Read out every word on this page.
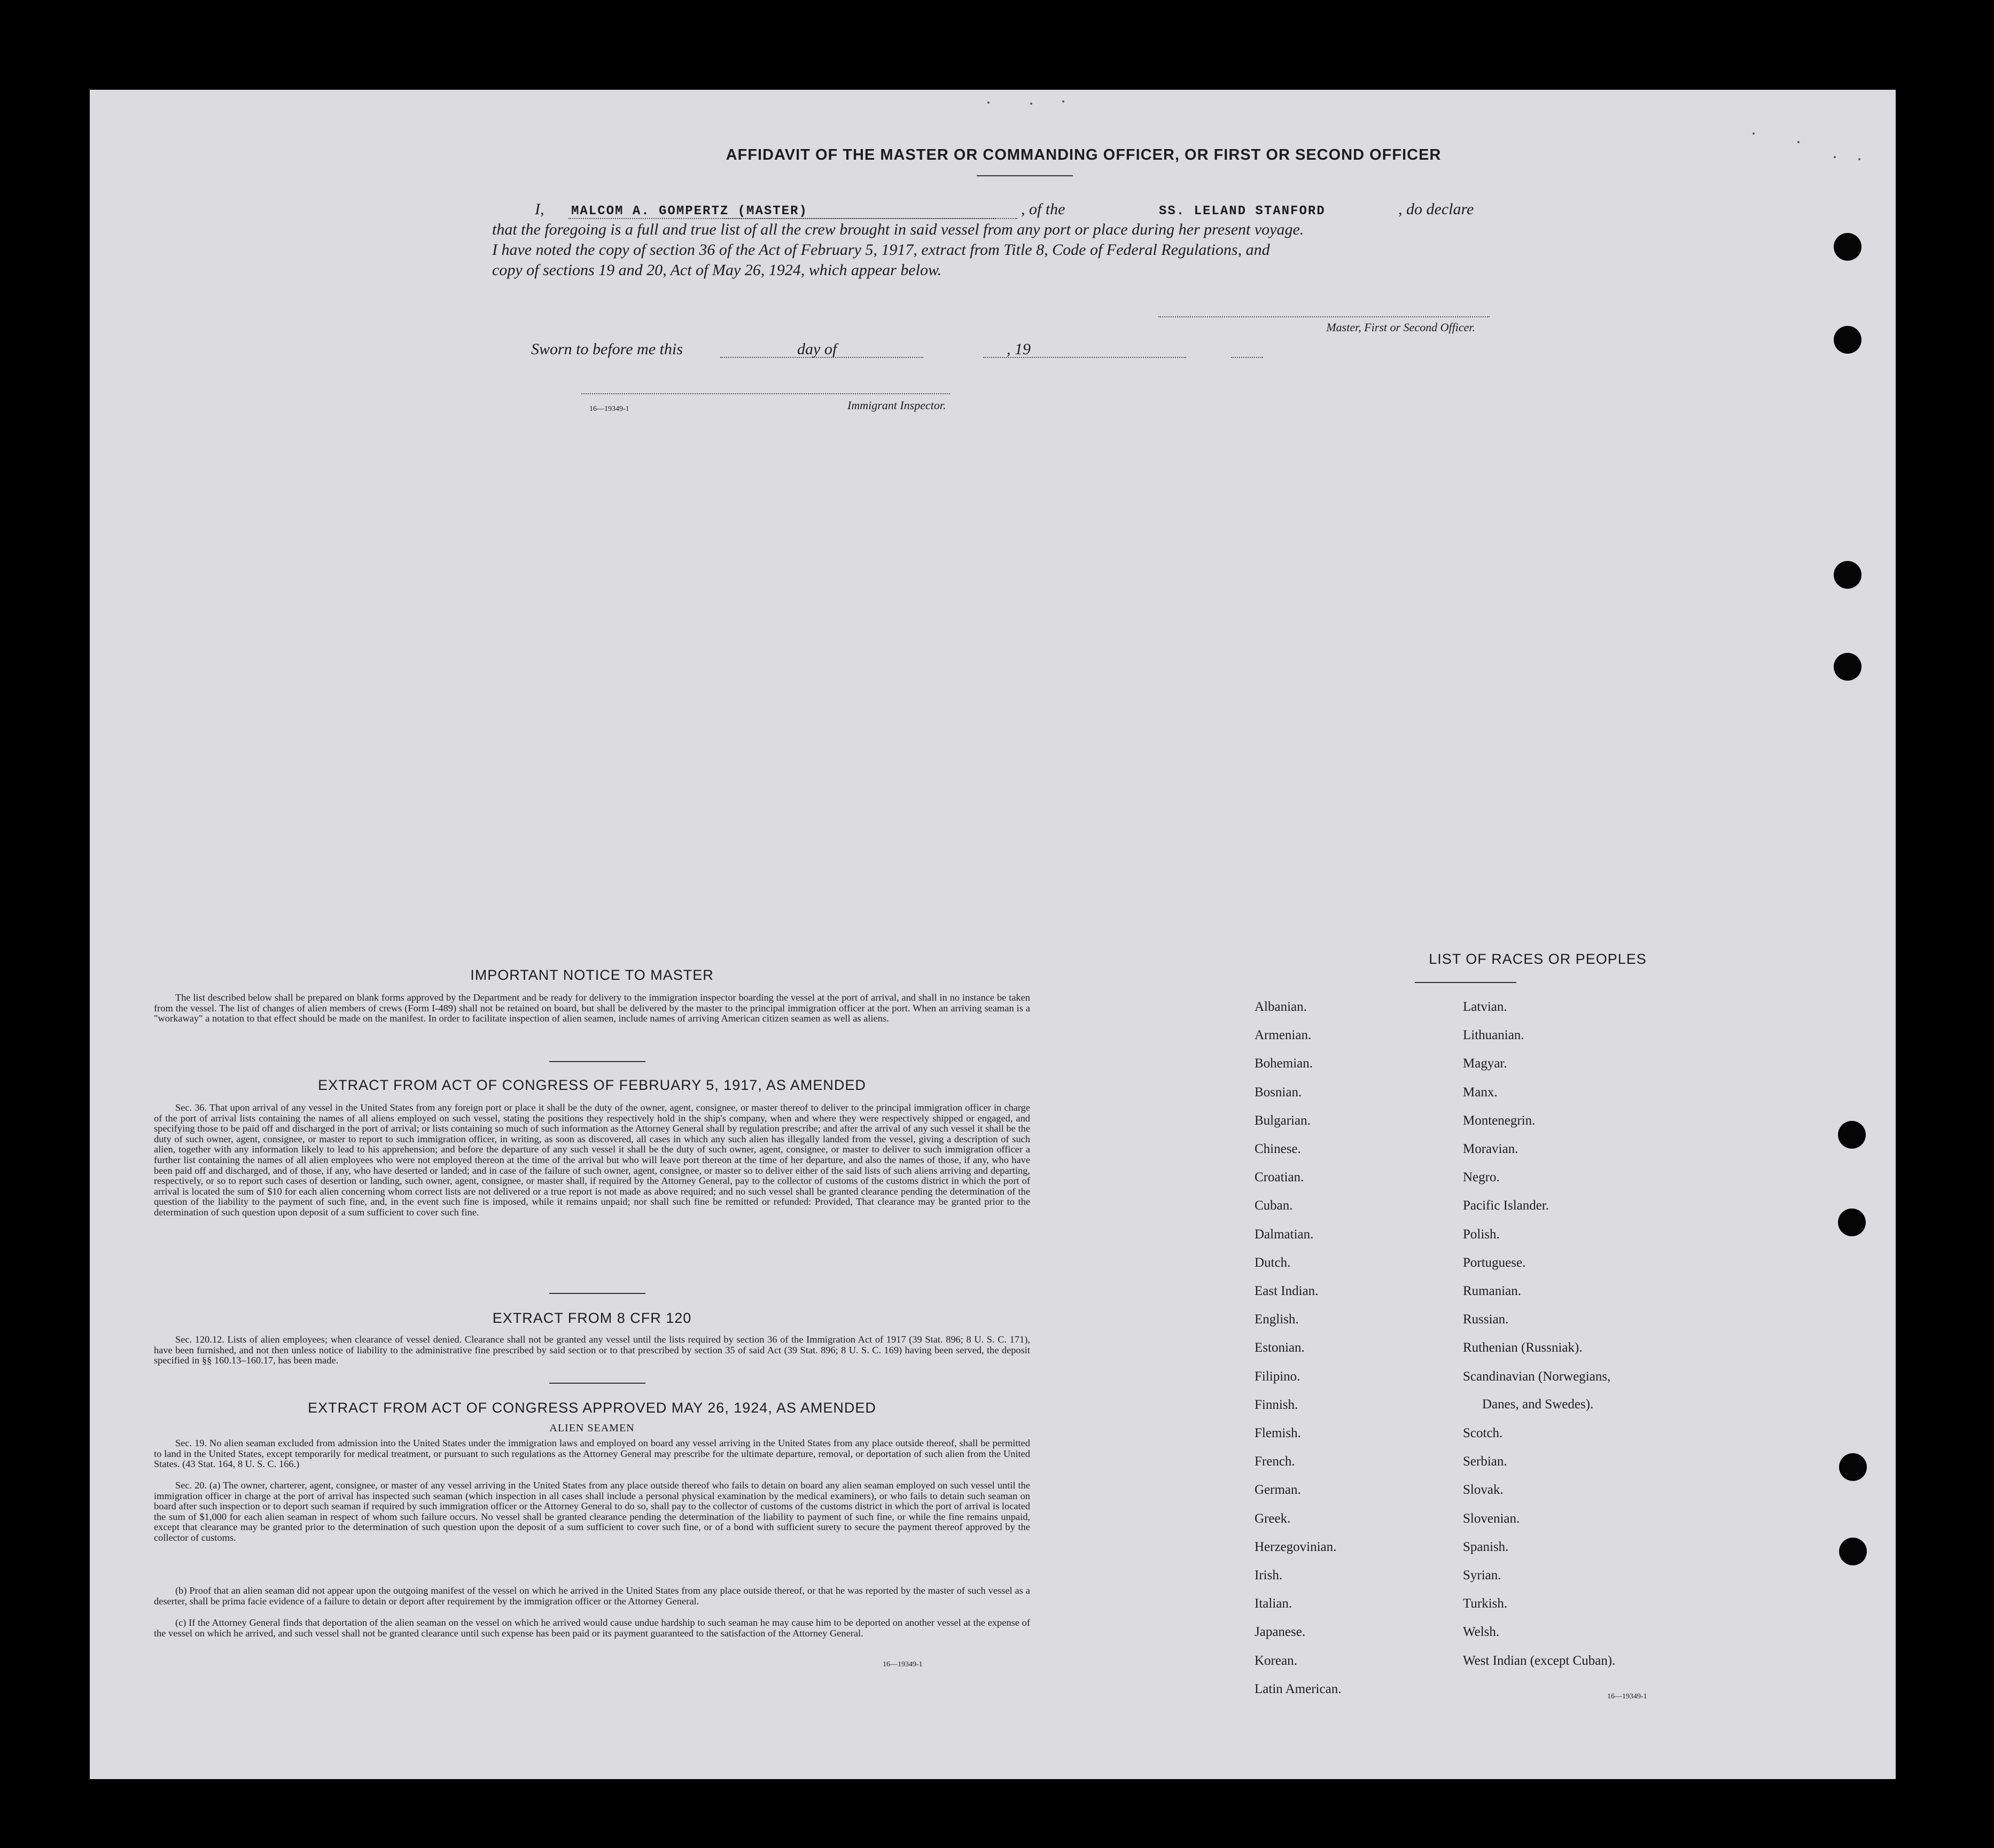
AFFIDAVIT OF THE MASTER OR COMMANDING OFFICER, OR FIRST OR SECOND OFFICER
I, MALCOM A. GOMPERTZ (MASTER)	, of the	SS. LELAND STANFORD	, do declare
that the foregoing is a full and true list of all the crew brought in said vessel from any port or place during her present voyage.
I have noted the copy of section 36 of the Act of February 5, 1917, extract from Title 8, Code of Federal Regulations, and
copy of sections 19 and 20, Act of May 26, 1924, which appear below.
Master, First or Second Officer.
Sworn to before me this	day of	, 19
16—19349-1	Immigrant Inspector.
IMPORTANT NOTICE TO MASTER
The list described below shall be prepared on blank forms approved by the Department and be ready for delivery to the immigration inspector boarding the vessel at the port of arrival, and shall in no instance be taken from the vessel. The list of changes of alien members of crews (Form I-489) shall not be retained on board, but shall be delivered by the master to the principal immigration officer at the port. When an arriving seaman is a "workaway" a notation to that effect should be made on the manifest. In order to facilitate inspection of alien seamen, include names of arriving American citizen seamen as well as aliens.
EXTRACT FROM ACT OF CONGRESS OF FEBRUARY 5, 1917, AS AMENDED
Sec. 36. That upon arrival of any vessel in the United States from any foreign port or place it shall be the duty of the owner, agent, consignee, or master thereof to deliver to the principal immigration officer in charge of the port of arrival lists containing the names of all aliens employed on such vessel, stating the positions they respectively hold in the ship's company, when and where they were respectively shipped or engaged, and specifying those to be paid off and discharged in the port of arrival; or lists containing so much of such information as the Attorney General shall by regulation prescribe; and after the arrival of any such vessel it shall be the duty of such owner, agent, consignee, or master to report to such immigration officer, in writing, as soon as discovered, all cases in which any such alien has illegally landed from the vessel, giving a description of such alien, together with any information likely to lead to his apprehension; and before the departure of any such vessel it shall be the duty of such owner, agent, consignee, or master to deliver to such immigration officer a further list containing the names of all alien employees who were not employed thereon at the time of the arrival but who will leave port thereon at the time of her departure, and also the names of those, if any, who have been paid off and discharged, and of those, if any, who have deserted or landed; and in case of the failure of such owner, agent, consignee, or master so to deliver either of the said lists of such aliens arriving and departing, respectively, or so to report such cases of desertion or landing, such owner, agent, consignee, or master shall, if required by the Attorney General, pay to the collector of customs of the customs district in which the port of arrival is located the sum of $10 for each alien concerning whom correct lists are not delivered or a true report is not made as above required; and no such vessel shall be granted clearance pending the determination of the question of the liability to the payment of such fine, and, in the event such fine is imposed, while it remains unpaid; nor shall such fine be remitted or refunded: Provided, That clearance may be granted prior to the determination of such question upon deposit of a sum sufficient to cover such fine.
EXTRACT FROM 8 CFR 120
Sec. 120.12. Lists of alien employees; when clearance of vessel denied. Clearance shall not be granted any vessel until the lists required by section 36 of the Immigration Act of 1917 (39 Stat. 896; 8 U. S. C. 171), have been furnished, and not then unless notice of liability to the administrative fine prescribed by said section or to that prescribed by section 35 of said Act (39 Stat. 896; 8 U. S. C. 169) having been served, the deposit specified in §§ 160.13–160.17, has been made.
EXTRACT FROM ACT OF CONGRESS APPROVED MAY 26, 1924, AS AMENDED
ALIEN SEAMEN
Sec. 19. No alien seaman excluded from admission into the United States under the immigration laws and employed on board any vessel arriving in the United States from any place outside thereof, shall be permitted to land in the United States, except temporarily for medical treatment, or pursuant to such regulations as the Attorney General may prescribe for the ultimate departure, removal, or deportation of such alien from the United States. (43 Stat. 164, 8 U. S. C. 166.)
Sec. 20. (a) The owner, charterer, agent, consignee, or master of any vessel arriving in the United States from any place outside thereof who fails to detain on board any alien seaman employed on such vessel until the immigration officer in charge at the port of arrival has inspected such seaman (which inspection in all cases shall include a personal physical examination by the medical examiners), or who fails to detain such seaman on board after such inspection or to deport such seaman if required by such immigration officer or the Attorney General to do so, shall pay to the collector of customs of the customs district in which the port of arrival is located the sum of $1,000 for each alien seaman in respect of whom such failure occurs. No vessel shall be granted clearance pending the determination of the liability to payment of such fine, or while the fine remains unpaid, except that clearance may be granted prior to the determination of such question upon the deposit of a sum sufficient to cover such fine, or of a bond with sufficient surety to secure the payment thereof approved by the collector of customs.
(b) Proof that an alien seaman did not appear upon the outgoing manifest of the vessel on which he arrived in the United States from any place outside thereof, or that he was reported by the master of such vessel as a deserter, shall be prima facie evidence of a failure to detain or deport after requirement by the immigration officer or the Attorney General.
(c) If the Attorney General finds that deportation of the alien seaman on the vessel on which he arrived would cause undue hardship to such seaman he may cause him to be deported on another vessel at the expense of the vessel on which he arrived, and such vessel shall not be granted clearance until such expense has been paid or its payment guaranteed to the satisfaction of the Attorney General.
16—19349-1
LIST OF RACES OR PEOPLES
Albanian.
Armenian.
Bohemian.
Bosnian.
Bulgarian.
Chinese.
Croatian.
Cuban.
Dalmatian.
Dutch.
East Indian.
English.
Estonian.
Filipino.
Finnish.
Flemish.
French.
German.
Greek.
Herzegovinian.
Irish.
Italian.
Japanese.
Korean.
Latin American.
Latvian.
Lithuanian.
Magyar.
Manx.
Montenegrin.
Moravian.
Negro.
Pacific Islander.
Polish.
Portuguese.
Rumanian.
Russian.
Ruthenian (Russniak).
Scandinavian (Norwegians,
Danes, and Swedes).
Scotch.
Serbian.
Slovak.
Slovenian.
Spanish.
Syrian.
Turkish.
Welsh.
West Indian (except Cuban).
16—19349-1
